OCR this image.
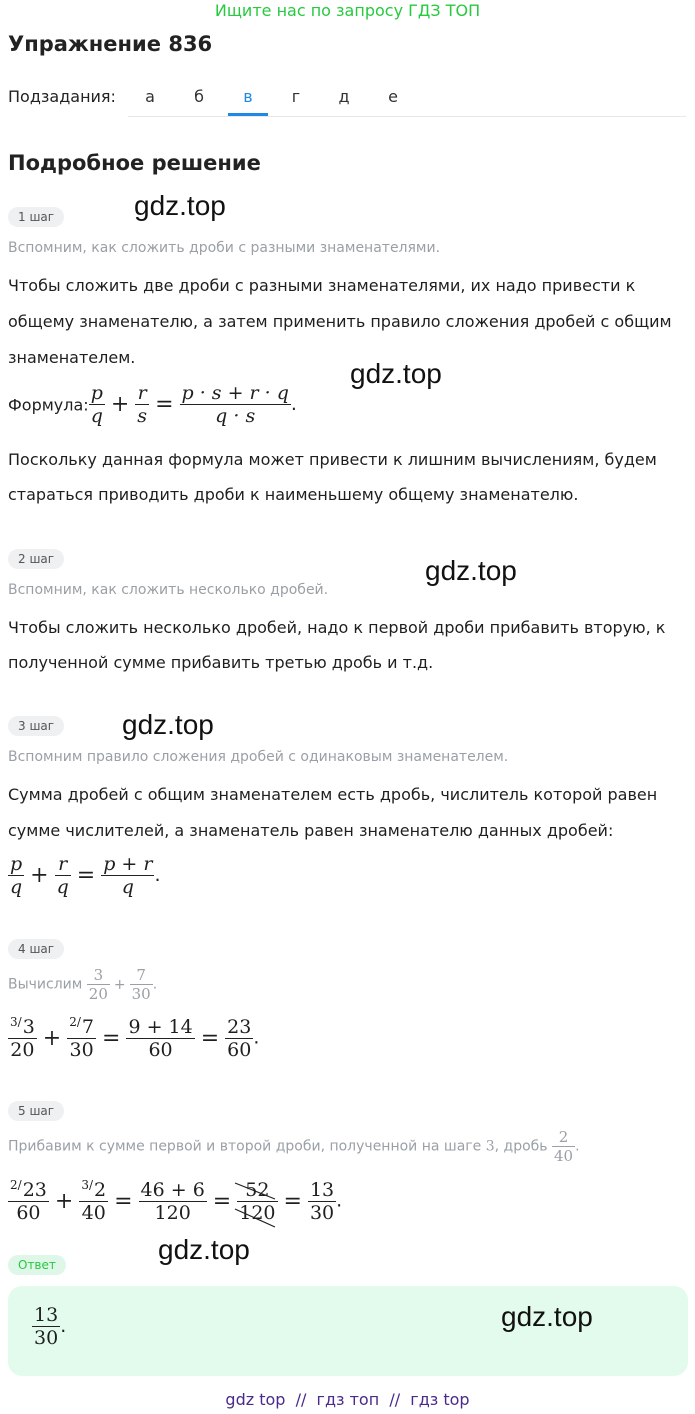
Ищите нас по запросу ГДЗ ТОП
Упражнение 836
Подзадания:	а	б	в	г	д	е
Подробное решение
1 шаг	gdz.top
Вспомним, как сложить дроби с разными знаменателями.
Чтобы сложить две дроби с разными знаменателями, их надо привести к
общему знаменателю, а затем применить правило сложения дробей с общим
знаменателем.
gdz.top
Формула: $\frac{p}{q} + \frac{r}{s} = \frac{p \cdot s + r \cdot q}{q \cdot s}$ .
Поскольку данная формула может привести к лишним вычислениям, будем
стараться приводить дроби к наименьшему общему знаменателю.
2 шаг	gdz.top
Вспомним, как сложить несколько дробей.
Чтобы сложить несколько дробей, надо к первой дроби прибавить вторую, к
полученной сумме прибавить третью дробь и т.д.
3 шаг	gdz.top
Вспомним правило сложения дробей с одинаковым знаменателем.
Сумма дробей с общим знаменателем есть дробь, числитель которой равен
сумме числителей, а знаменатель равен знаменателю данных дробей:
$\frac{p}{q} + \frac{r}{q} = \frac{p + r}{q}$ .
4 шаг
Вычислим $\frac{3}{20} + \frac{7}{30}$ .
$\frac{^{3/}3}{20} + \frac{^{2/}7}{30} = \frac{9 + 14}{60} = \frac{23}{60}$ .
5 шаг
Прибавим к сумме первой и второй дроби, полученной на шаге 3, дробь $\frac{2}{40}$ .
$\frac{^{2/}23}{60} + \frac{^{3/}2}{40} = \frac{46 + 6}{120} = \frac{52}{120} = \frac{13}{30}$ .
gdz.top
Ответ
$\frac{13}{30}$ .	gdz.top
gdz top  //  гдз топ  //  гдз top
